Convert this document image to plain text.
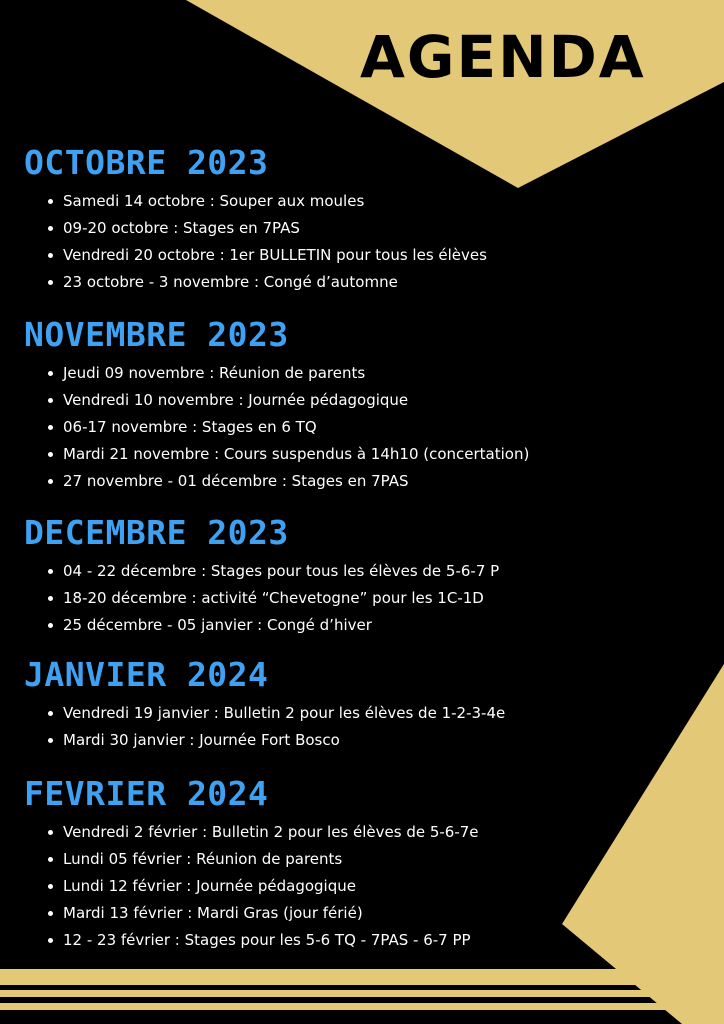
AGENDA
OCTOBRE 2023
Samedi 14 octobre : Souper aux moules
09-20 octobre : Stages en 7PAS
Vendredi 20 octobre : 1er BULLETIN pour tous les élèves
23 octobre - 3 novembre : Congé d’automne
NOVEMBRE 2023
Jeudi 09 novembre : Réunion de parents
Vendredi 10 novembre : Journée pédagogique
06-17 novembre : Stages en 6 TQ
Mardi 21 novembre : Cours suspendus à 14h10 (concertation)
27 novembre - 01 décembre : Stages en 7PAS
DECEMBRE 2023
04 - 22 décembre : Stages pour tous les élèves de 5-6-7 P
18-20 décembre : activité “Chevetogne” pour les 1C-1D
25 décembre - 05 janvier : Congé d’hiver
JANVIER 2024
Vendredi 19 janvier : Bulletin 2 pour les élèves de 1-2-3-4e
Mardi 30 janvier : Journée Fort Bosco
FEVRIER 2024
Vendredi 2 février : Bulletin 2 pour les élèves de 5-6-7e
Lundi 05 février : Réunion de parents
Lundi 12 février : Journée pédagogique
Mardi 13 février : Mardi Gras (jour férié)
12 - 23 février : Stages pour les 5-6 TQ - 7PAS - 6-7 PP
